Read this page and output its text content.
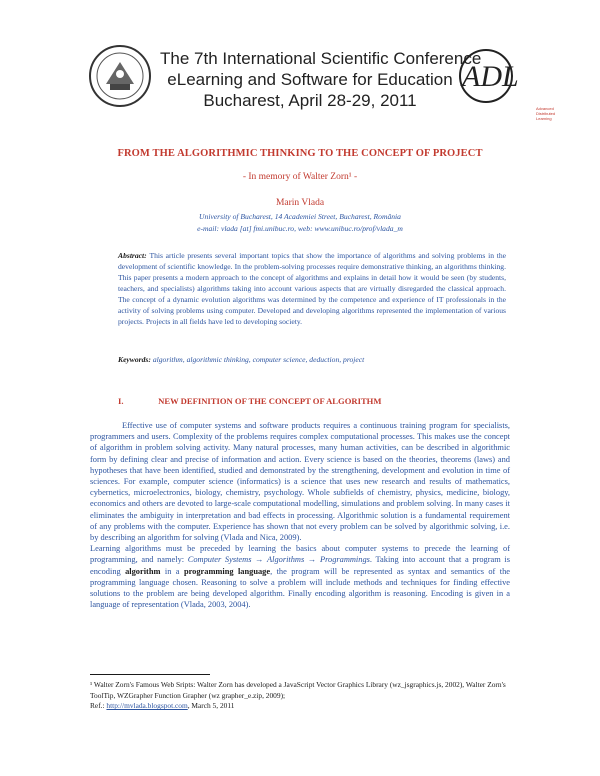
The 7th International Scientific Conference
eLearning and Software for Education
Bucharest, April 28-29, 2011
ADL
Advanced Distributed Learning
FROM THE ALGORITHMIC THINKING TO THE CONCEPT OF PROJECT
- In memory of Walter Zorn¹ -
Marin Vlada
University of Bucharest, 14 Academiei Street, Bucharest, România
e-mail: vlada [at] fmi.unibuc.ro, web: www.unibuc.ro/prof/vlada_m
Abstract: This article presents several important topics that show the importance of algorithms and solving problems in the development of scientific knowledge. In the problem-solving processes require demonstrative thinking, an algorithms thinking. This paper presents a modern approach to the concept of algorithms and explains in detail how it would be seen (by students, teachers, and specialists) algorithms taking into account various aspects that are virtually disregarded the classical approach. The concept of a dynamic evolution algorithms was determined by the competence and experience of IT professionals in the activity of solving problems using computer. Developed and developing algorithms represented the implementation of various projects. Projects in all fields have led to developing society.
Keywords: algorithm, algorithmic thinking, computer science, deduction, project
I.	NEW DEFINITION OF THE CONCEPT OF ALGORITHM

Effective use of computer systems and software products requires a continuous training program for specialists, programmers and users. Complexity of the problems requires complex computational processes. This makes use the concept of algorithm in problem solving activity. Many natural processes, many human activities, can be described in algorithmic form by defining clear and precise of information and action. Every science is based on the theories, theorems (laws) and hypotheses that have been identified, studied and demonstrated by the strengthening, development and evolution in time of sciences. For example, computer science (informatics) is a science that uses new research and results of mathematics, cybernetics, microelectronics, biology, chemistry, psychology. Whole subfields of chemistry, physics, medicine, biology, economics and others are devoted to large-scale computational modelling, simulations and problem solving. In many cases it eliminates the ambiguity in interpretation and bad effects in processing. Algorithmic solution is a fundamental requirement of any problems with the computer. Experience has shown that not every problem can be solved by algorithmic solving, i.e. by describing an algorithm for solving (Vlada and Nica, 2009).

Learning algorithms must be preceded by learning the basics about computer systems to precede the learning of programming, and namely: Computer Systems → Algorithms → Programmings. Taking into account that a program is encoding algorithm in a programming language, the program will be represented as syntax and semantics of the programming language chosen. Reasoning to solve a problem will include methods and techniques for finding effective solutions to the problem are being developed algorithm. Finally encoding algorithm is reasoning. Encoding is given in a language of representation (Vlada, 2003, 2004).

¹ Walter Zorn's Famous Web Sripts: Walter Zorn has developed a JavaScript Vector Graphics Library (wz_jsgraphics.js, 2002), Walter Zorn's ToolTip, WZGrapher Function Grapher (wz grapher_e.zip, 2009);
Ref.: http://mvlada.blogspot.com, March 5, 2011
